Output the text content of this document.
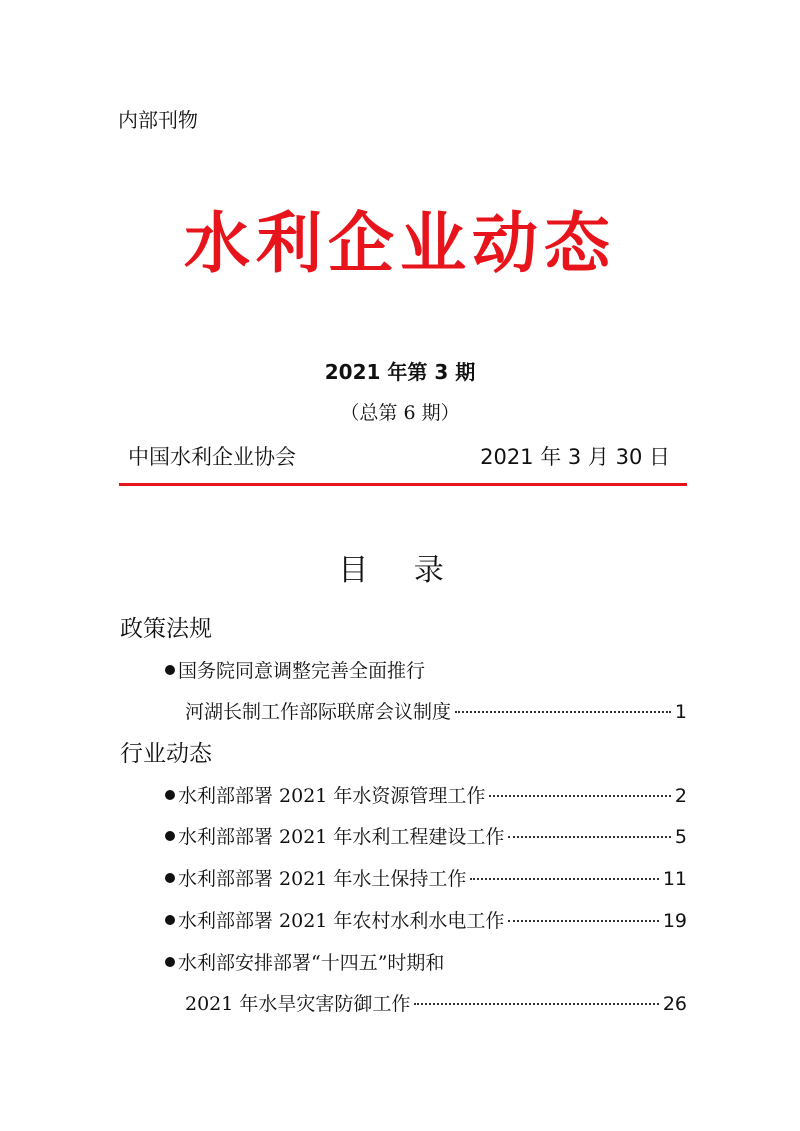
内部刊物
水利企业动态
2021 年第 3 期
（总第 6 期）
中国水利企业协会	2021 年 3 月 30 日
目 录
政策法规
国务院同意调整完善全面推行
河湖长制工作部际联席会议制度	1
行业动态
水利部部署 2021 年水资源管理工作	2
水利部部署 2021 年水利工程建设工作	5
水利部部署 2021 年水土保持工作	11
水利部部署 2021 年农村水利水电工作	19
水利部安排部署“十四五”时期和
2021 年水旱灾害防御工作	26
